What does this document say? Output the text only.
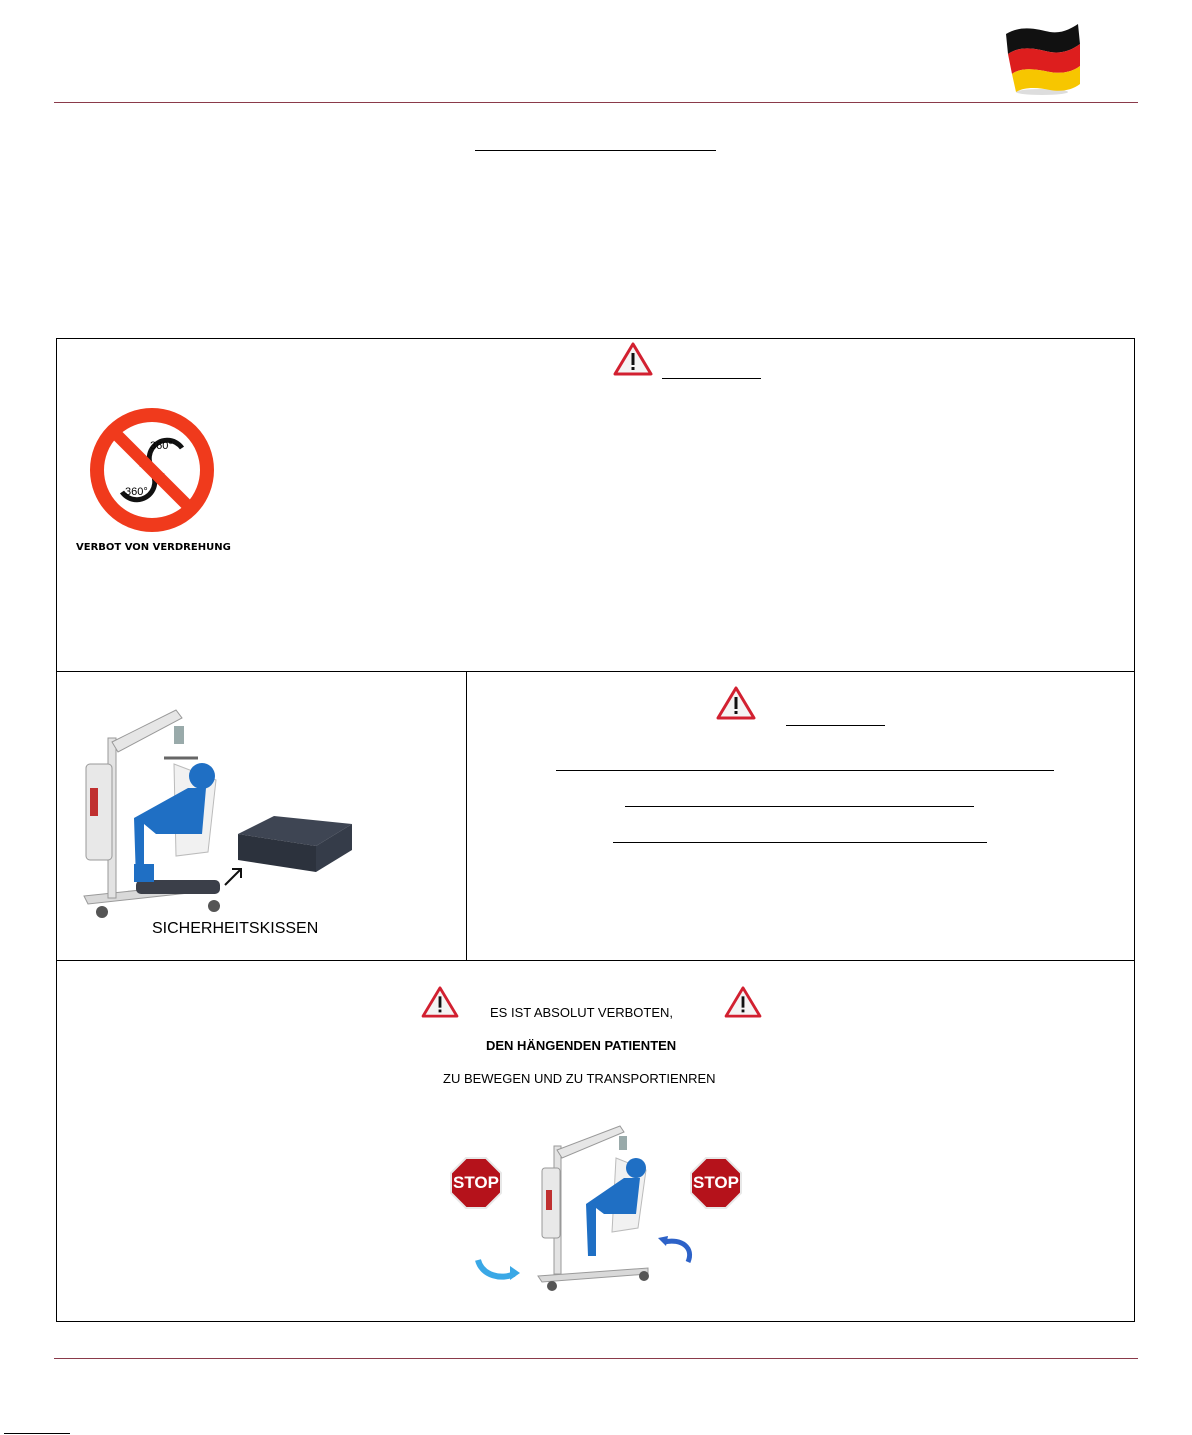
360°
360°
VERBOT VON VERDREHUNG
SICHERHEITSKISSEN
ES IST ABSOLUT VERBOTEN,
DEN HÄNGENDEN PATIENTEN
ZU BEWEGEN UND ZU TRANSPORTIENREN
STOP	STOP
